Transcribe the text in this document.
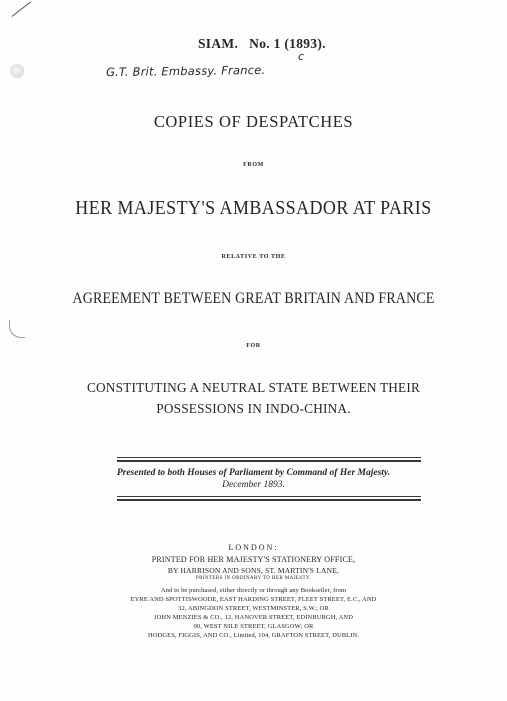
SIAM. No. 1 (1893).
c
G.T. Brit. Embassy. France.
COPIES OF DESPATCHES
FROM
HER MAJESTY'S AMBASSADOR AT PARIS
RELATIVE TO THE
AGREEMENT BETWEEN GREAT BRITAIN AND FRANCE
FOR
CONSTITUTING A NEUTRAL STATE BETWEEN THEIR
POSSESSIONS IN INDO-CHINA.
Presented to both Houses of Parliament by Command of Her Majesty.
December 1893.
LONDON:
PRINTED FOR HER MAJESTY'S STATIONERY OFFICE,
BY HARRISON AND SONS, ST. MARTIN'S LANE,
PRINTERS IN ORDINARY TO HER MAJESTY.
And to be purchased, either directly or through any Bookseller, from
EYRE AND SPOTTISWOODE, EAST HARDING STREET, FLEET STREET, E.C., AND
32, ABINGDON STREET, WESTMINSTER, S.W.; OR
JOHN MENZIES & CO., 12, HANOVER STREET, EDINBURGH, AND
90, WEST NILE STREET, GLASGOW; OR
HODGES, FIGGIS, AND CO., Limited, 104, GRAFTON STREET, DUBLIN.
